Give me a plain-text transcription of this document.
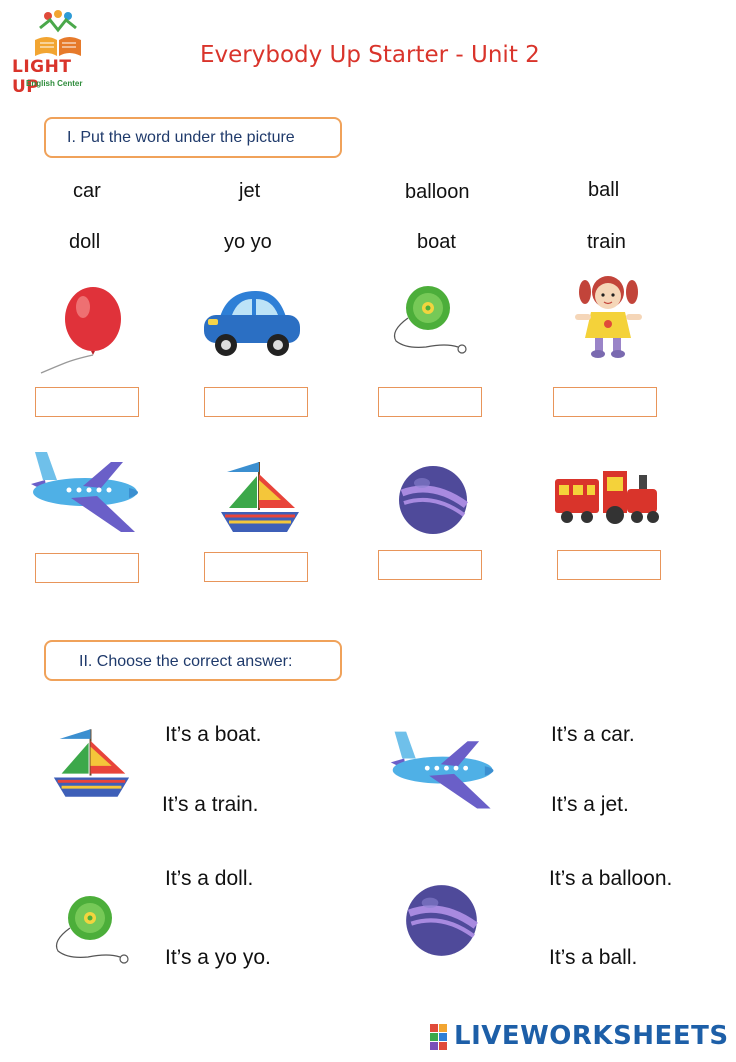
LIGHT UP
English Center
Everybody Up Starter - Unit 2
I. Put the word under the picture
car	jet	balloon	ball
doll	yo yo	boat	train
II. Choose the correct answer:
It’s a boat.
It’s a train.
It’s a car.
It’s a jet.
It’s a doll.
It’s a yo yo.
It’s a balloon.
It’s a ball.
LIVEWORKSHEETS
